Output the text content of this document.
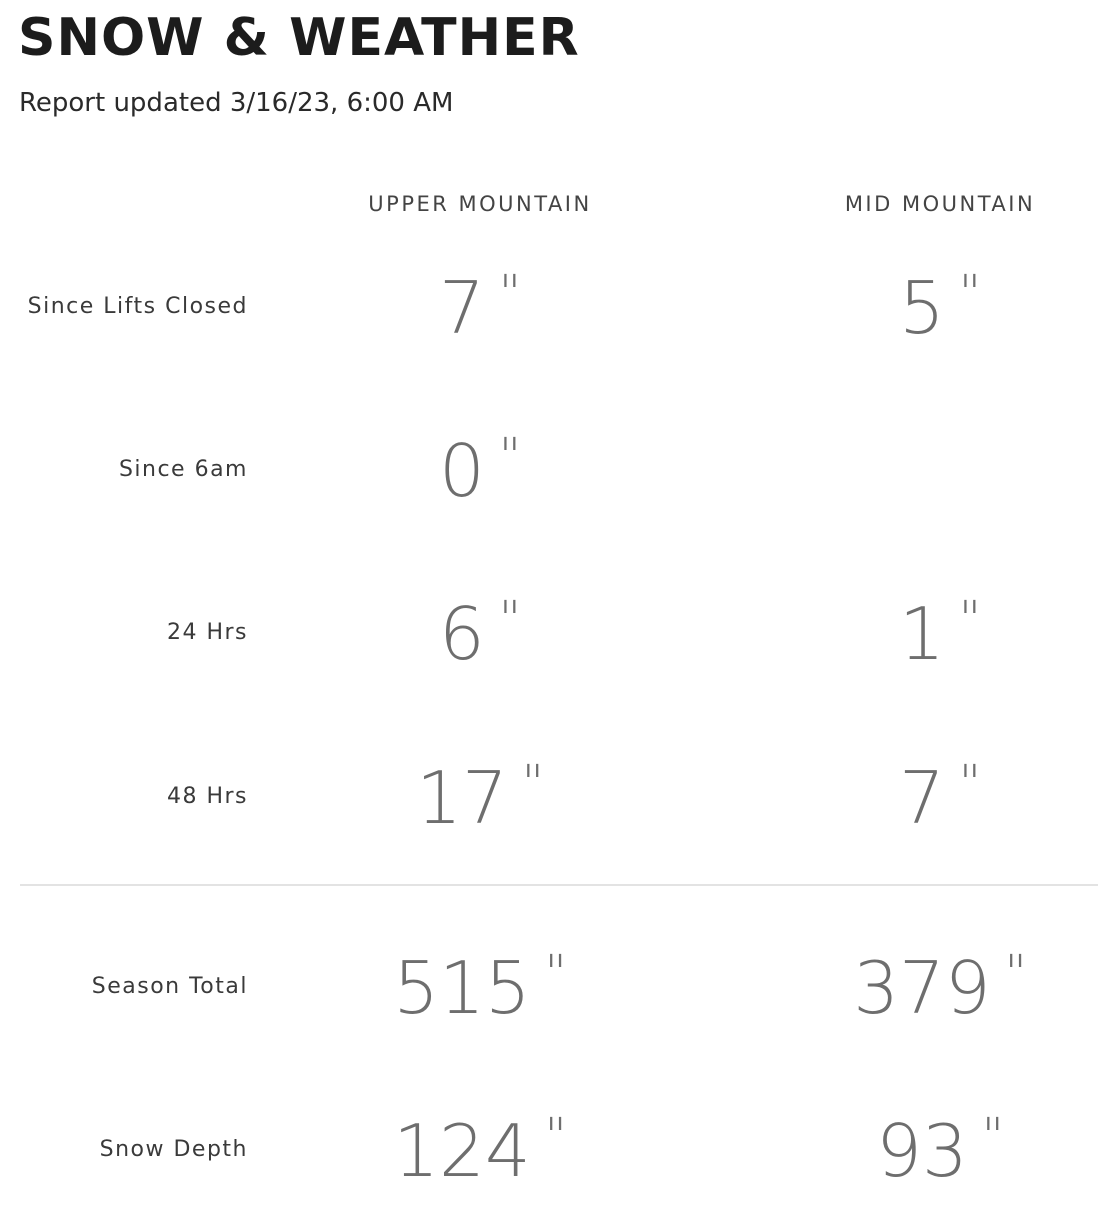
SNOW & WEATHER
Report updated 3/16/23, 6:00 AM
UPPER MOUNTAIN	MID MOUNTAIN
Since Lifts Closed	7 "	5 "
Since 6am	0 "
24 Hrs	6 "	1 "
48 Hrs	17 "	7 "
Season Total	515 "	379 "
Snow Depth	124 "	93 "
